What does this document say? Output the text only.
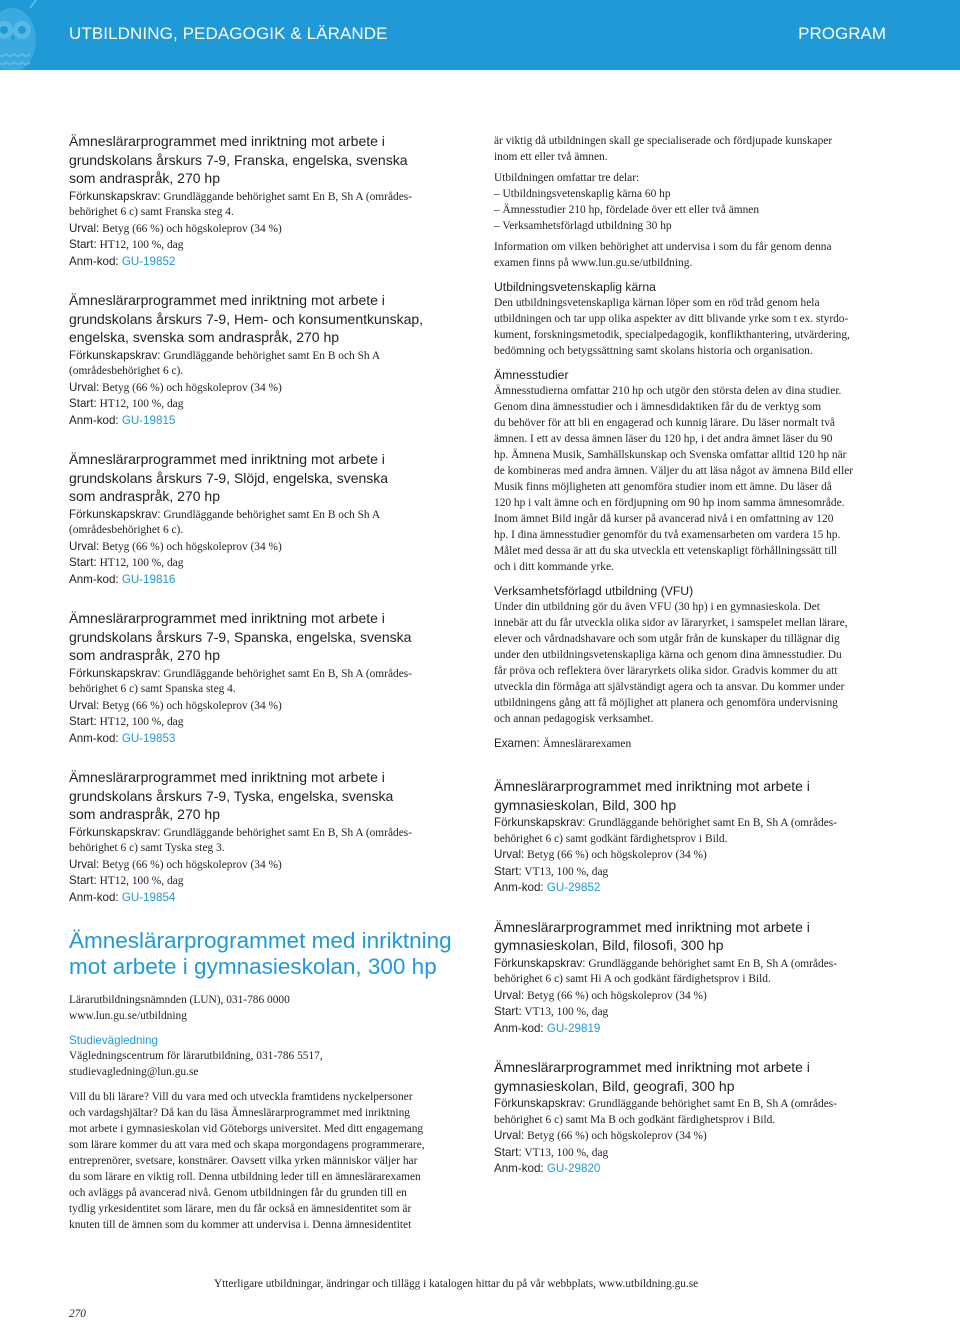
UTBILDNING, PEDAGOGIK & LÄRANDE	PROGRAM
Ämneslärarprogrammet med inriktning mot arbete i
grundskolans årskurs 7-9, Franska, engelska, svenska
som andraspråk, 270 hp
Förkunskapskrav: Grundläggande behörighet samt En B, Sh A (områdes-
behörighet 6 c) samt Franska steg 4.
Urval: Betyg (66 %) och högskoleprov (34 %)
Start: HT12, 100 %, dag
Anm-kod: GU-19852
Ämneslärarprogrammet med inriktning mot arbete i
grundskolans årskurs 7-9, Hem- och konsumentkunskap,
engelska, svenska som andraspråk, 270 hp
Förkunskapskrav: Grundläggande behörighet samt En B och Sh A
(områdesbehörighet 6 c).
Urval: Betyg (66 %) och högskoleprov (34 %)
Start: HT12, 100 %, dag
Anm-kod: GU-19815
Ämneslärarprogrammet med inriktning mot arbete i
grundskolans årskurs 7-9, Slöjd, engelska, svenska
som andraspråk, 270 hp
Förkunskapskrav: Grundläggande behörighet samt En B och Sh A
(områdesbehörighet 6 c).
Urval: Betyg (66 %) och högskoleprov (34 %)
Start: HT12, 100 %, dag
Anm-kod: GU-19816
Ämneslärarprogrammet med inriktning mot arbete i
grundskolans årskurs 7-9, Spanska, engelska, svenska
som andraspråk, 270 hp
Förkunskapskrav: Grundläggande behörighet samt En B, Sh A (områdes-
behörighet 6 c) samt Spanska steg 4.
Urval: Betyg (66 %) och högskoleprov (34 %)
Start: HT12, 100 %, dag
Anm-kod: GU-19853
Ämneslärarprogrammet med inriktning mot arbete i
grundskolans årskurs 7-9, Tyska, engelska, svenska
som andraspråk, 270 hp
Förkunskapskrav: Grundläggande behörighet samt En B, Sh A (områdes-
behörighet 6 c) samt Tyska steg 3.
Urval: Betyg (66 %) och högskoleprov (34 %)
Start: HT12, 100 %, dag
Anm-kod: GU-19854
Ämneslärarprogrammet med inriktning
mot arbete i gymnasieskolan, 300 hp
Lärarutbildningsnämnden (LUN), 031-786 0000
www.lun.gu.se/utbildning
Studievägledning
Vägledningscentrum för lärarutbildning, 031-786 5517,
studievagledning@lun.gu.se
Vill du bli lärare? Vill du vara med och utveckla framtidens nyckelpersoner
och vardagshjältar? Då kan du läsa Ämneslärarprogrammet med inriktning
mot arbete i gymnasieskolan vid Göteborgs universitet. Med ditt engagemang
som lärare kommer du att vara med och skapa morgondagens programmerare,
entreprenörer, svetsare, konstnärer. Oavsett vilka yrken människor väljer har
du som lärare en viktig roll. Denna utbildning leder till en ämneslärarexamen
och avläggs på avancerad nivå. Genom utbildningen får du grunden till en
tydlig yrkesidentitet som lärare, men du får också en ämnesidentitet som är
knuten till de ämnen som du kommer att undervisa i. Denna ämnesidentitet
är viktig då utbildningen skall ge specialiserade och fördjupade kunskaper
inom ett eller två ämnen.
Utbildningen omfattar tre delar:
– Utbildningsvetenskaplig kärna 60 hp
– Ämnesstudier 210 hp, fördelade över ett eller två ämnen
– Verksamhetsförlagd utbildning 30 hp
Information om vilken behörighet att undervisa i som du får genom denna
examen finns på www.lun.gu.se/utbildning.
Utbildningsvetenskaplig kärna
Den utbildningsvetenskapliga kärnan löper som en röd tråd genom hela
utbildningen och tar upp olika aspekter av ditt blivande yrke som t ex. styrdo-
kument, forskningsmetodik, specialpedagogik, konflikthantering, utvärdering,
bedömning och betygssättning samt skolans historia och organisation.
Ämnesstudier
Ämnesstudierna omfattar 210 hp och utgör den största delen av dina studier.
Genom dina ämnesstudier och i ämnesdidaktiken får du de verktyg som
du behöver för att bli en engagerad och kunnig lärare. Du läser normalt två
ämnen. I ett av dessa ämnen läser du 120 hp, i det andra ämnet läser du 90
hp. Ämnena Musik, Samhällskunskap och Svenska omfattar alltid 120 hp när
de kombineras med andra ämnen. Väljer du att läsa något av ämnena Bild eller
Musik finns möjligheten att genomföra studier inom ett ämne. Du läser då
120 hp i valt ämne och en fördjupning om 90 hp inom samma ämnesområde.
Inom ämnet Bild ingår då kurser på avancerad nivå i en omfattning av 120
hp. I dina ämnesstudier genomför du två examensarbeten om vardera 15 hp.
Målet med dessa är att du ska utveckla ett vetenskapligt förhållningssätt till
och i ditt kommande yrke.
Verksamhetsförlagd utbildning (VFU)
Under din utbildning gör du även VFU (30 hp) i en gymnasieskola. Det
innebär att du får utveckla olika sidor av läraryrket, i samspelet mellan lärare,
elever och vårdnadshavare och som utgår från de kunskaper du tillägnar dig
under den utbildningsvetenskapliga kärna och genom dina ämnesstudier. Du
får pröva och reflektera över läraryrkets olika sidor. Gradvis kommer du att
utveckla din förmåga att självständigt agera och ta ansvar. Du kommer under
utbildningens gång att få möjlighet att planera och genomföra undervisning
och annan pedagogisk verksamhet.
Examen: Ämneslärarexamen
Ämneslärarprogrammet med inriktning mot arbete i
gymnasieskolan, Bild, 300 hp
Förkunskapskrav: Grundläggande behörighet samt En B, Sh A (områdes-
behörighet 6 c) samt godkänt färdighetsprov i Bild.
Urval: Betyg (66 %) och högskoleprov (34 %)
Start: VT13, 100 %, dag
Anm-kod: GU-29852
Ämneslärarprogrammet med inriktning mot arbete i
gymnasieskolan, Bild, filosofi, 300 hp
Förkunskapskrav: Grundläggande behörighet samt En B, Sh A (områdes-
behörighet 6 c) samt Hi A och godkänt färdighetsprov i Bild.
Urval: Betyg (66 %) och högskoleprov (34 %)
Start: VT13, 100 %, dag
Anm-kod: GU-29819
Ämneslärarprogrammet med inriktning mot arbete i
gymnasieskolan, Bild, geografi, 300 hp
Förkunskapskrav: Grundläggande behörighet samt En B, Sh A (områdes-
behörighet 6 c) samt Ma B och godkänt färdighetsprov i Bild.
Urval: Betyg (66 %) och högskoleprov (34 %)
Start: VT13, 100 %, dag
Anm-kod: GU-29820
Ytterligare utbildningar, ändringar och tillägg i katalogen hittar du på vår webbplats, www.utbildning.gu.se
270
